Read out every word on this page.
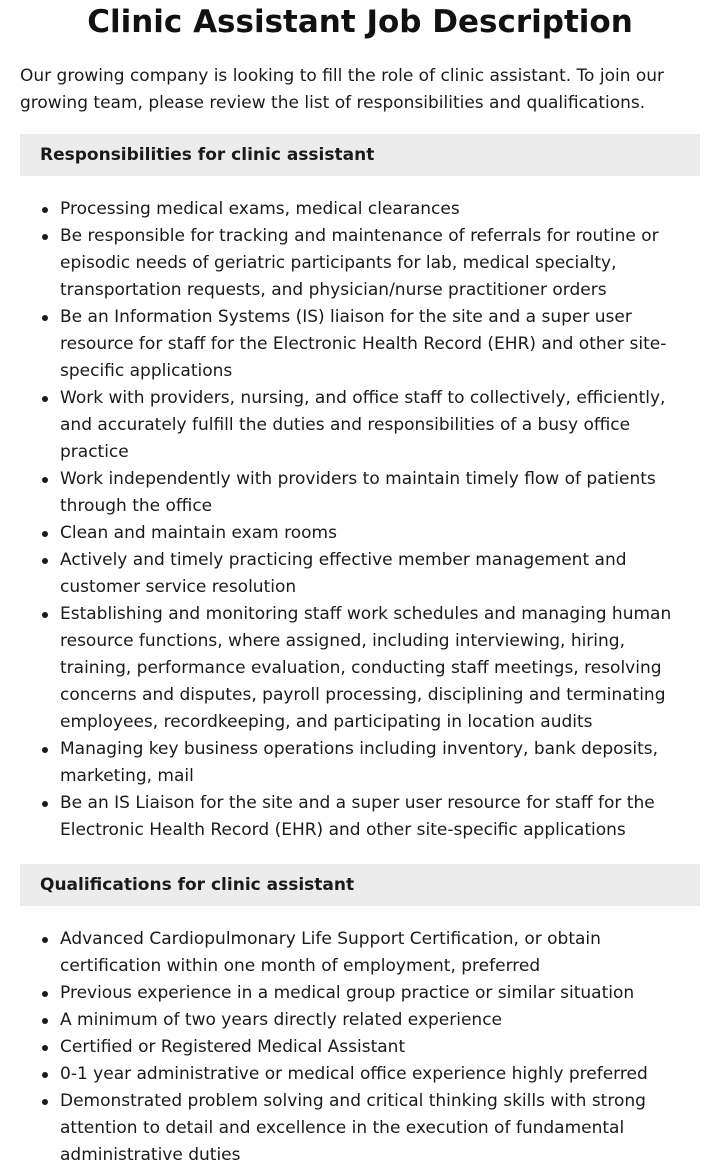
Clinic Assistant Job Description

Our growing company is looking to fill the role of clinic assistant. To join our growing team, please review the list of responsibilities and qualifications.

Responsibilities for clinic assistant
Processing medical exams, medical clearances
Be responsible for tracking and maintenance of referrals for routine or episodic needs of geriatric participants for lab, medical specialty, transportation requests, and physician/nurse practitioner orders
Be an Information Systems (IS) liaison for the site and a super user resource for staff for the Electronic Health Record (EHR) and other site-specific applications
Work with providers, nursing, and office staff to collectively, efficiently, and accurately fulfill the duties and responsibilities of a busy office practice
Work independently with providers to maintain timely flow of patients through the office
Clean and maintain exam rooms
Actively and timely practicing effective member management and customer service resolution
Establishing and monitoring staff work schedules and managing human resource functions, where assigned, including interviewing, hiring, training, performance evaluation, conducting staff meetings, resolving concerns and disputes, payroll processing, disciplining and terminating employees, recordkeeping, and participating in location audits
Managing key business operations including inventory, bank deposits, marketing, mail
Be an IS Liaison for the site and a super user resource for staff for the Electronic Health Record (EHR) and other site-specific applications
Qualifications for clinic assistant
Advanced Cardiopulmonary Life Support Certification, or obtain certification within one month of employment, preferred
Previous experience in a medical group practice or similar situation
A minimum of two years directly related experience
Certified or Registered Medical Assistant
0-1 year administrative or medical office experience highly preferred
Demonstrated problem solving and critical thinking skills with strong attention to detail and excellence in the execution of fundamental administrative duties
